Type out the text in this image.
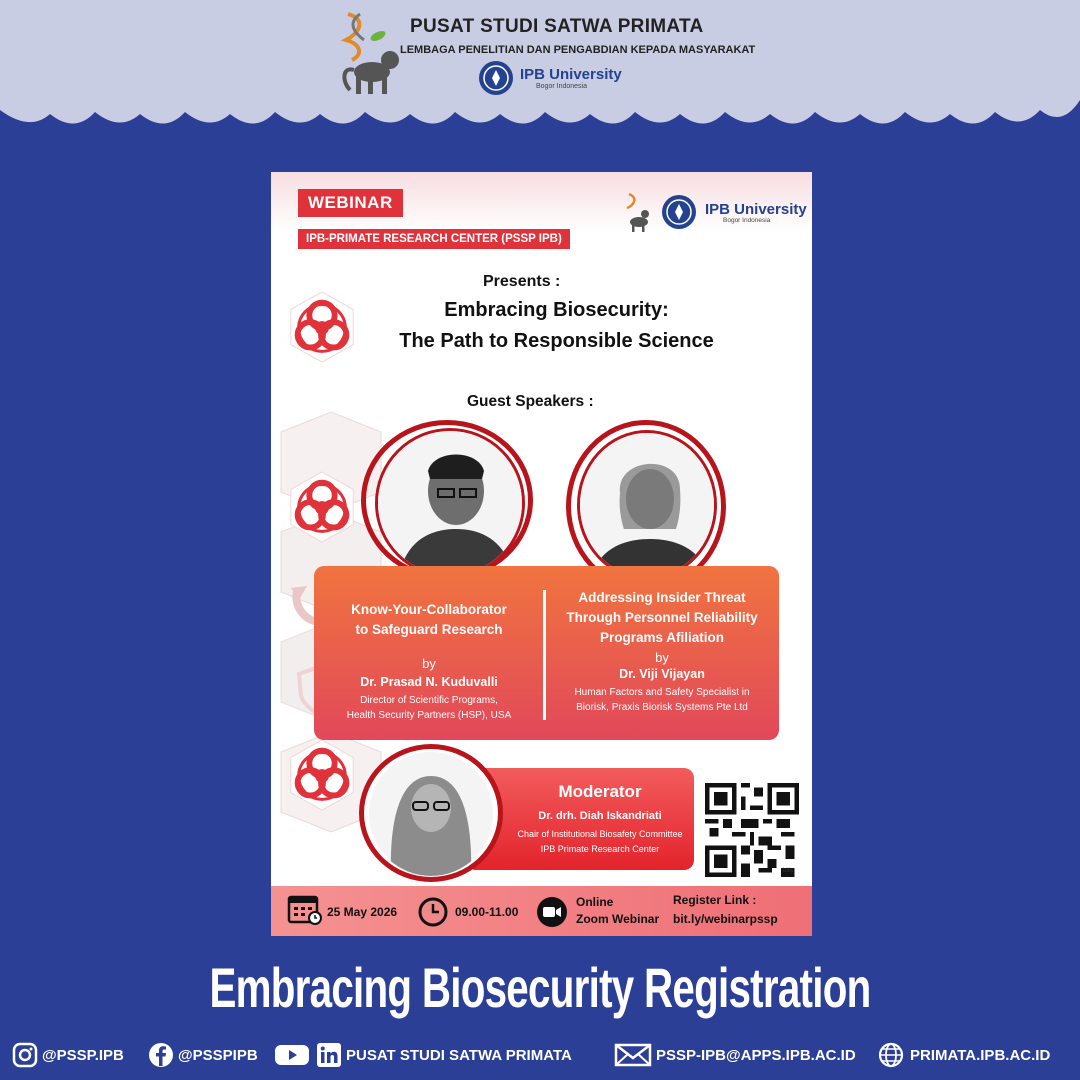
PUSAT STUDI SATWA PRIMATA
LEMBAGA PENELITIAN DAN PENGABDIAN KEPADA MASYARAKAT
IPB University
Bogor Indonesia
WEBINAR
IPB-PRIMATE RESEARCH CENTER (PSSP IPB)
IPB University
Bogor Indonesia
Presents :
Embracing Biosecurity:
The Path to Responsible Science
Guest Speakers :
Know-Your-Collaborator
to Safeguard Research
by
Dr. Prasad N. Kuduvalli
Director of Scientific Programs,
Health Security Partners (HSP), USA
Addressing Insider Threat
Through Personnel Reliability
Programs Afiliation
by
Dr. Viji Vijayan
Human Factors and Safety Specialist in
Biorisk, Praxis Biorisk Systems Pte Ltd
Moderator
Dr. drh. Diah Iskandriati
Chair of Institutional Biosafety Committee
IPB Primate Research Center
bitly
25 May 2026	09.00-11.00
Online
Zoom Webinar
Register Link :
bit.ly/webinarpssp
Embracing Biosecurity Registration
@PSSP.IPB	@PSSPIPB	PUSAT STUDI SATWA PRIMATA	PSSP-IPB@APPS.IPB.AC.ID	PRIMATA.IPB.AC.ID
